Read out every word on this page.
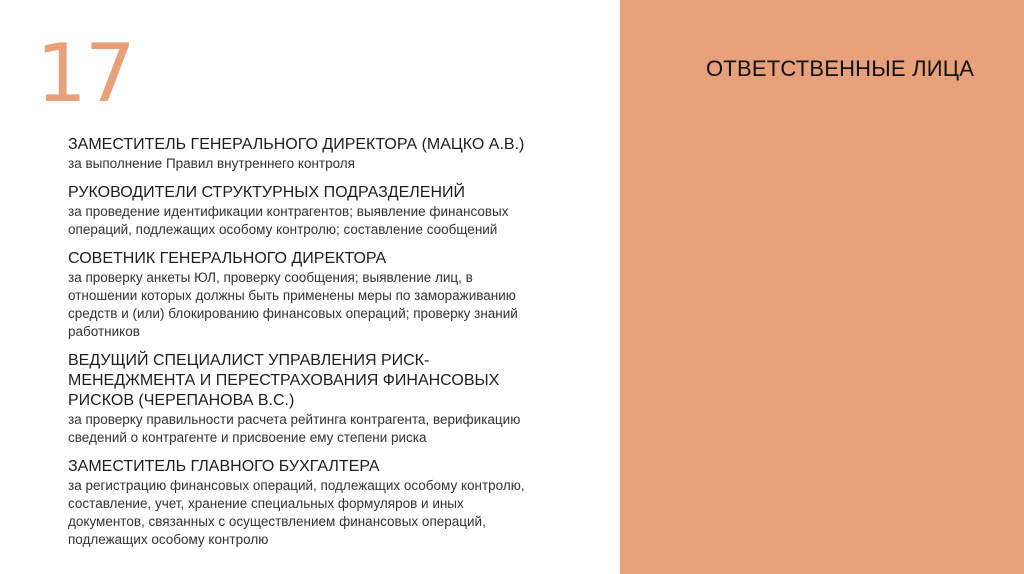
17	ОТВЕТСТВЕННЫЕ ЛИЦА
ЗАМЕСТИТЕЛЬ ГЕНЕРАЛЬНОГО ДИРЕКТОРА (МАЦКО А.В.)
за выполнение Правил внутреннего контроля
РУКОВОДИТЕЛИ СТРУКТУРНЫХ ПОДРАЗДЕЛЕНИЙ
за проведение идентификации контрагентов; выявление финансовых операций, подлежащих особому контролю; составление сообщений
СОВЕТНИК ГЕНЕРАЛЬНОГО ДИРЕКТОРА
за проверку анкеты ЮЛ, проверку сообщения; выявление лиц, в отношении которых должны быть применены меры по замораживанию средств и (или) блокированию финансовых операций; проверку знаний работников
ВЕДУЩИЙ СПЕЦИАЛИСТ УПРАВЛЕНИЯ РИСК-МЕНЕДЖМЕНТА И ПЕРЕСТРАХОВАНИЯ ФИНАНСОВЫХ РИСКОВ (ЧЕРЕПАНОВА В.С.)
за проверку правильности расчета рейтинга контрагента, верификацию сведений о контрагенте и присвоение ему степени риска
ЗАМЕСТИТЕЛЬ ГЛАВНОГО БУХГАЛТЕРА
за регистрацию финансовых операций, подлежащих особому контролю, составление, учет, хранение специальных формуляров и иных документов, связанных с осуществлением финансовых операций, подлежащих особому контролю
